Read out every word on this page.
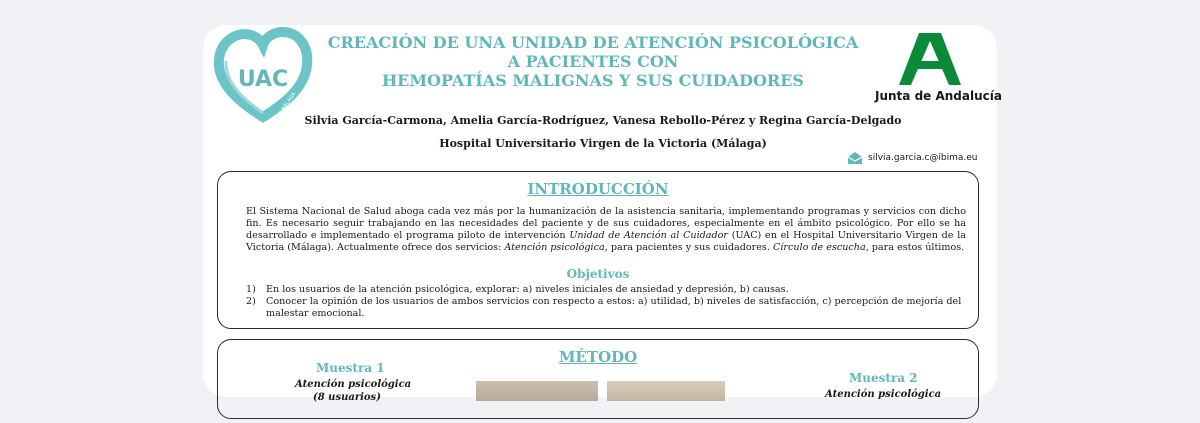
UAC
HUVV MÁLAGA
CREACIÓN DE UNA UNIDAD DE ATENCIÓN PSICOLÓGICA
A PACIENTES CON
HEMOPATÍAS MALIGNAS Y SUS CUIDADORES
Junta de Andalucía
Silvia García-Carmona, Amelia García-Rodríguez, Vanesa Rebollo-Pérez y Regina García-Delgado
Hospital Universitario Virgen de la Victoria (Málaga)
silvia.garcia.c@ibima.eu
INTRODUCCIÓN
El Sistema Nacional de Salud aboga cada vez más por la humanización de la asistencia sanitaria, implementando programas y servicios con dicho fin. Es necesario seguir trabajando en las necesidades del paciente y de sus cuidadores, especialmente en el ámbito psicológico. Por ello se ha desarrollado e implementado el programa piloto de intervención Unidad de Atención al Cuidador (UAC) en el Hospital Universitario Virgen de la Victoria (Málaga). Actualmente ofrece dos servicios: Atención psicológica, para pacientes y sus cuidadores. Círculo de escucha, para estos últimos.
Objetivos
1)	En los usuarios de la atención psicológica, explorar: a) niveles iniciales de ansiedad y depresión, b) causas.
2)	Conocer la opinión de los usuarios de ambos servicios con respecto a estos: a) utilidad, b) niveles de satisfacción, c) percepción de mejoría del malestar emocional.
MÉTODO
Muestra 1
Atención psicológica
(8 usuarios)
Muestra 2
Atención psicológica
